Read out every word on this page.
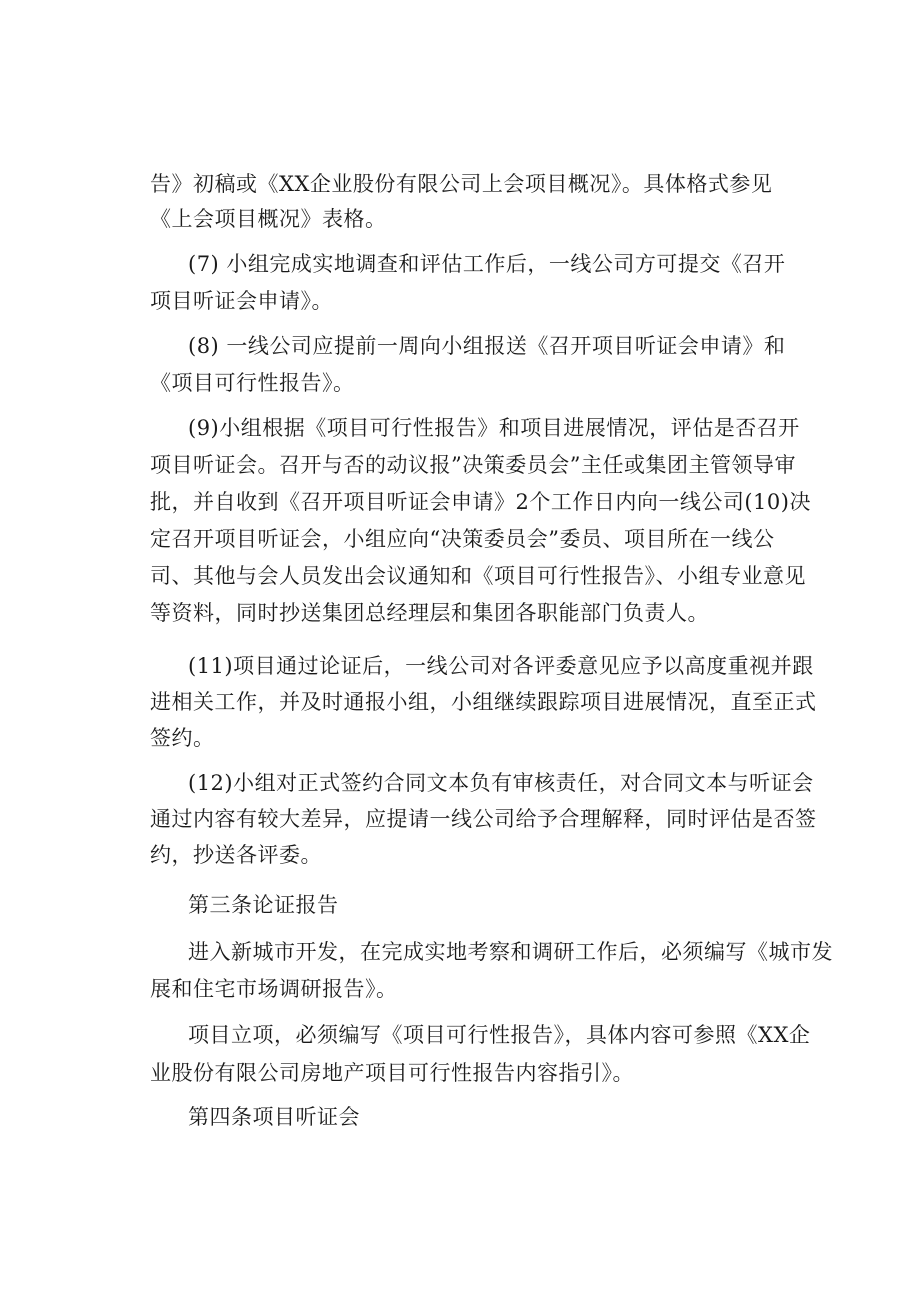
告》初稿或《XX企业股份有限公司上会项目概况》。具体格式参见
《上会项目概况》表格。
(7) 小组完成实地调查和评估工作后，一线公司方可提交《召开
项目听证会申请》。
(8) 一线公司应提前一周向小组报送《召开项目听证会申请》和
《项目可行性报告》。
(9)小组根据《项目可行性报告》和项目进展情况，评估是否召开
项目听证会。召开与否的动议报”决策委员会”主任或集团主管领导审
批，并自收到《召开项目听证会申请》2个工作日内向一线公司(10)决
定召开项目听证会，小组应向“决策委员会”委员、项目所在一线公
司、其他与会人员发出会议通知和《项目可行性报告》、小组专业意见
等资料，同时抄送集团总经理层和集团各职能部门负责人。
(11)项目通过论证后，一线公司对各评委意见应予以高度重视并跟
进相关工作，并及时通报小组，小组继续跟踪项目进展情况，直至正式
签约。
(12)小组对正式签约合同文本负有审核责任，对合同文本与听证会
通过内容有较大差异，应提请一线公司给予合理解释，同时评估是否签
约，抄送各评委。
第三条论证报告
进入新城市开发，在完成实地考察和调研工作后，必须编写《城市发
展和住宅市场调研报告》。
项目立项，必须编写《项目可行性报告》，具体内容可参照《XX企
业股份有限公司房地产项目可行性报告内容指引》。
第四条项目听证会
